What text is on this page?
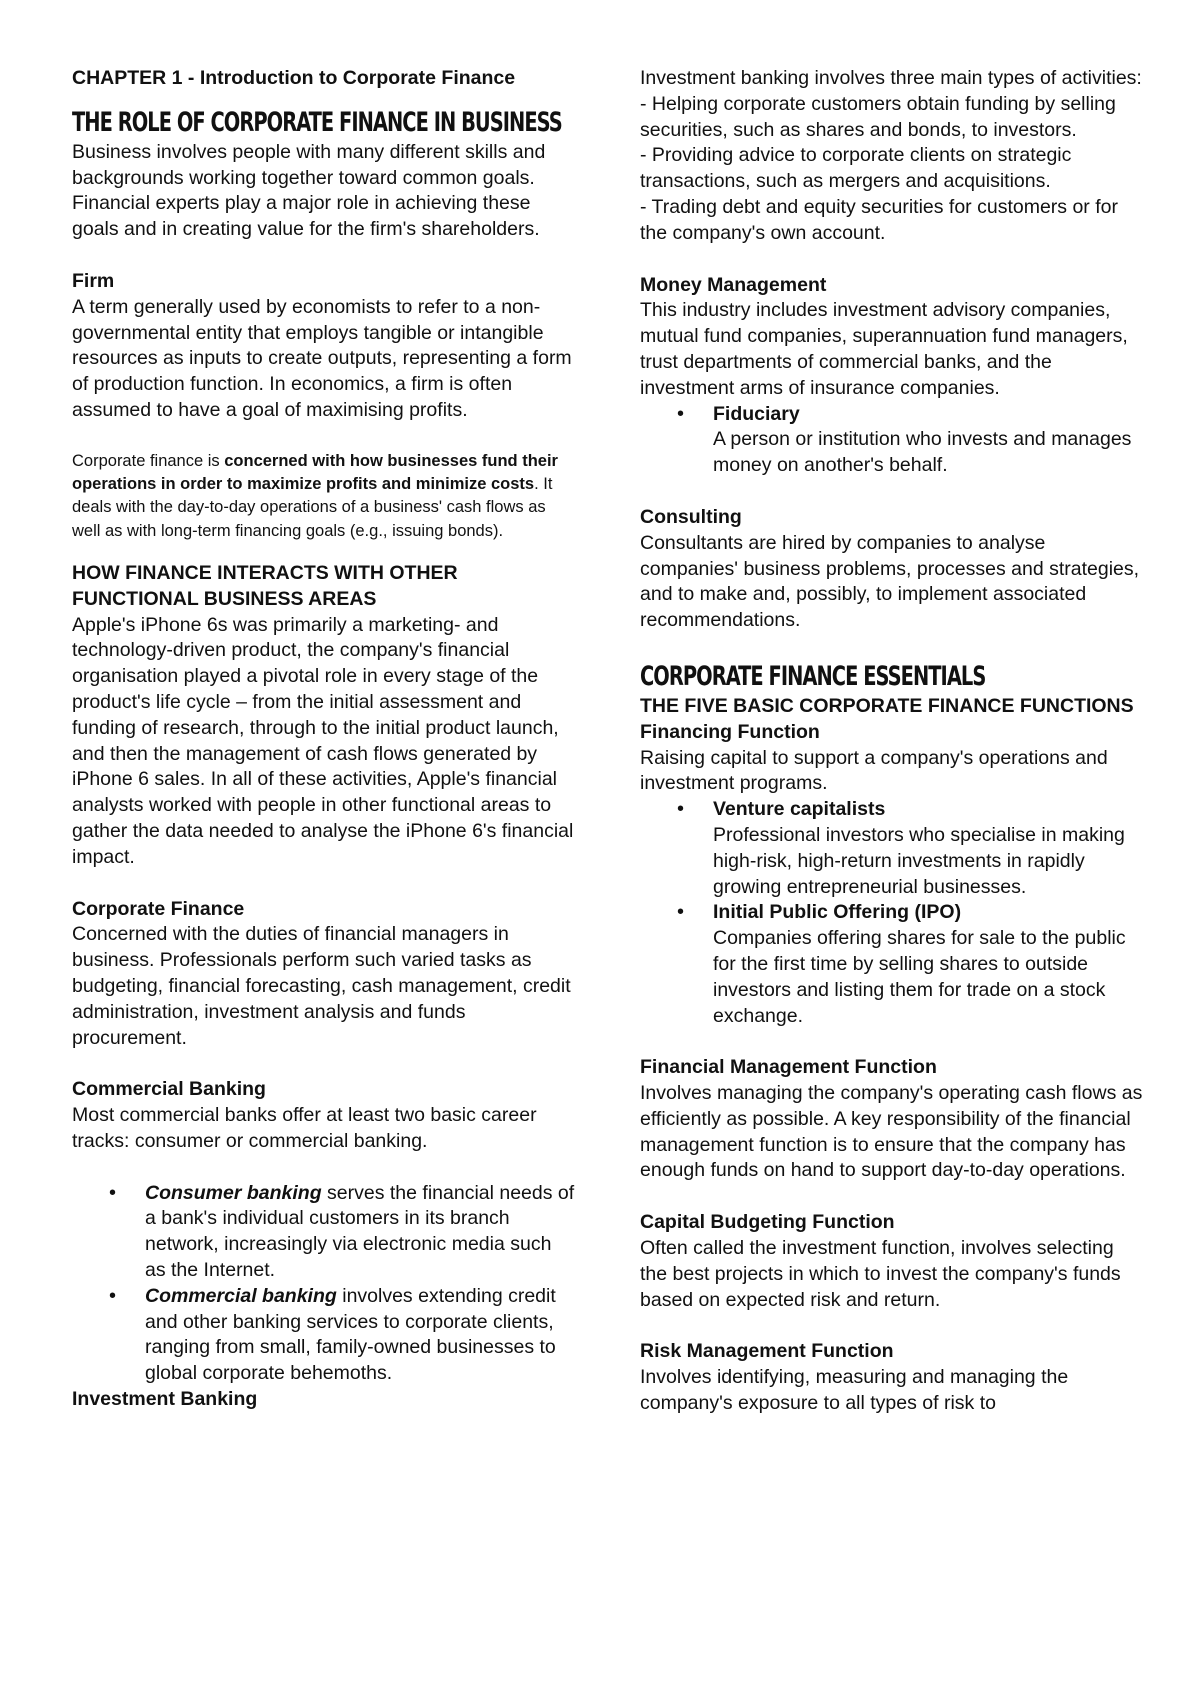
CHAPTER 1 - Introduction to Corporate Finance

THE ROLE OF CORPORATE FINANCE IN BUSINESS

Business involves people with many different skills and backgrounds working together toward common goals. Financial experts play a major role in achieving these goals and in creating value for the firm's shareholders.

Firm

A term generally used by economists to refer to a non-governmental entity that employs tangible or intangible resources as inputs to create outputs, representing a form of production function. In economics, a firm is often assumed to have a goal of maximising profits.

Corporate finance is concerned with how businesses fund their operations in order to maximize profits and minimize costs. It deals with the day-to-day operations of a business' cash flows as well as with long-term financing goals (e.g., issuing bonds).

HOW FINANCE INTERACTS WITH OTHER FUNCTIONAL BUSINESS AREAS

Apple's iPhone 6s was primarily a marketing- and technology-driven product, the company's financial organisation played a pivotal role in every stage of the product's life cycle – from the initial assessment and funding of research, through to the initial product launch, and then the management of cash flows generated by iPhone 6 sales. In all of these activities, Apple's financial analysts worked with people in other functional areas to gather the data needed to analyse the iPhone 6's financial impact.

Corporate Finance

Concerned with the duties of financial managers in business. Professionals perform such varied tasks as budgeting, financial forecasting, cash management, credit administration, investment analysis and funds procurement.

Commercial Banking

Most commercial banks offer at least two basic career tracks: consumer or commercial banking.

• Consumer banking serves the financial needs of a bank's individual customers in its branch network, increasingly via electronic media such as the Internet.
• Commercial banking involves extending credit and other banking services to corporate clients, ranging from small, family-owned businesses to global corporate behemoths.

Investment Banking

Investment banking involves three main types of activities:

- Helping corporate customers obtain funding by selling securities, such as shares and bonds, to investors.

- Providing advice to corporate clients on strategic transactions, such as mergers and acquisitions.

- Trading debt and equity securities for customers or for the company's own account.

Money Management

This industry includes investment advisory companies, mutual fund companies, superannuation fund managers, trust departments of commercial banks, and the investment arms of insurance companies.

• Fiduciary
A person or institution who invests and manages money on another's behalf.

Consulting

Consultants are hired by companies to analyse companies' business problems, processes and strategies, and to make and, possibly, to implement associated recommendations.

CORPORATE FINANCE ESSENTIALS

THE FIVE BASIC CORPORATE FINANCE FUNCTIONS

Financing Function

Raising capital to support a company's operations and investment programs.

• Venture capitalists
Professional investors who specialise in making high-risk, high-return investments in rapidly growing entrepreneurial businesses.
• Initial Public Offering (IPO)
Companies offering shares for sale to the public for the first time by selling shares to outside investors and listing them for trade on a stock exchange.

Financial Management Function

Involves managing the company's operating cash flows as efficiently as possible. A key responsibility of the financial management function is to ensure that the company has enough funds on hand to support day-to-day operations.

Capital Budgeting Function

Often called the investment function, involves selecting the best projects in which to invest the company's funds based on expected risk and return.

Risk Management Function

Involves identifying, measuring and managing the company's exposure to all types of risk to
